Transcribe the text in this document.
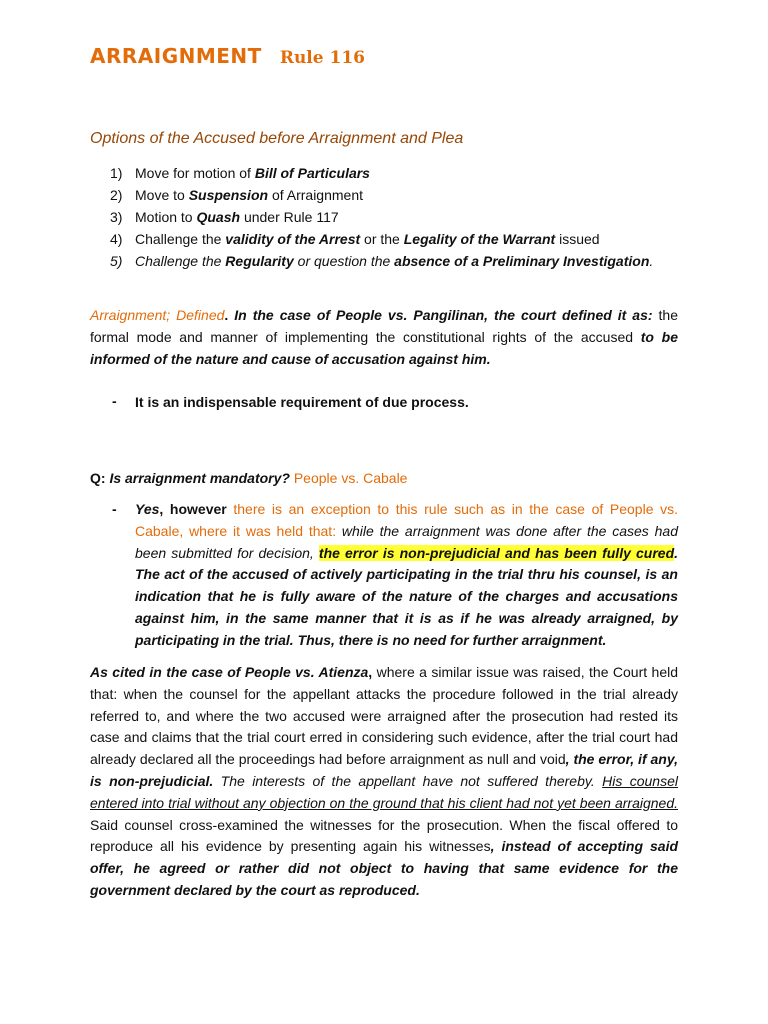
ARRAIGNMENT Rule 116
Options of the Accused before Arraignment and Plea
1) Move for motion of Bill of Particulars
2) Move to Suspension of Arraignment
3) Motion to Quash under Rule 117
4) Challenge the validity of the Arrest or the Legality of the Warrant issued
5) Challenge the Regularity or question the absence of a Preliminary Investigation.

Arraignment; Defined. In the case of People vs. Pangilinan, the court defined it as: the formal mode and manner of implementing the constitutional rights of the accused to be informed of the nature and cause of accusation against him.

- It is an indispensable requirement of due process.

Q: Is arraignment mandatory? People vs. Cabale

- Yes, however there is an exception to this rule such as in the case of People vs. Cabale, where it was held that: while the arraignment was done after the cases had been submitted for decision, the error is non-prejudicial and has been fully cured. The act of the accused of actively participating in the trial thru his counsel, is an indication that he is fully aware of the nature of the charges and accusations against him, in the same manner that it is as if he was already arraigned, by participating in the trial. Thus, there is no need for further arraignment.

As cited in the case of People vs. Atienza, where a similar issue was raised, the Court held that: when the counsel for the appellant attacks the procedure followed in the trial already referred to, and where the two accused were arraigned after the prosecution had rested its case and claims that the trial court erred in considering such evidence, after the trial court had already declared all the proceedings had before arraignment as null and void, the error, if any, is non-prejudicial. The interests of the appellant have not suffered thereby. His counsel entered into trial without any objection on the ground that his client had not yet been arraigned. Said counsel cross-examined the witnesses for the prosecution. When the fiscal offered to reproduce all his evidence by presenting again his witnesses, instead of accepting said offer, he agreed or rather did not object to having that same evidence for the government declared by the court as reproduced.
